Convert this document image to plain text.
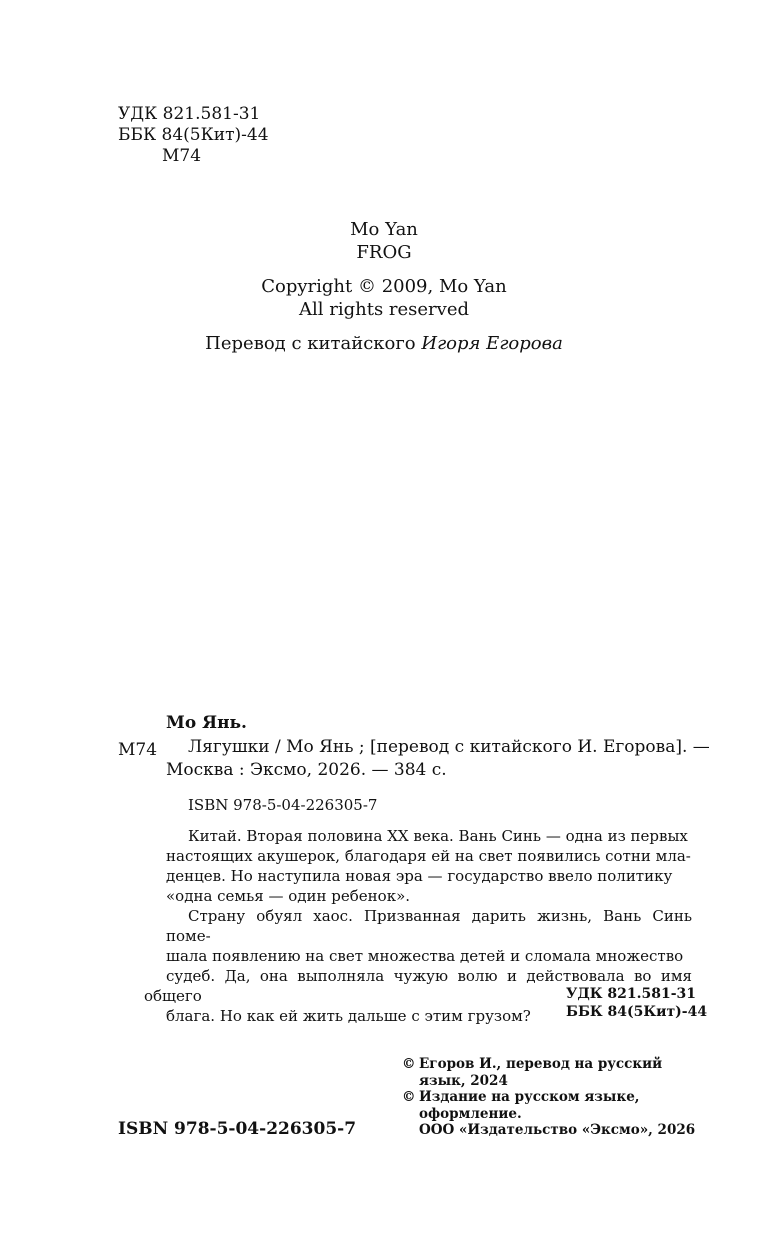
УДК 821.581-31
ББК 84(5Кит)-44
М74
Mo Yan
FROG
Copyright © 2009, Mo Yan
All rights reserved
Перевод с китайского Игоря Егорова
Мо Янь.
М74 Лягушки / Мо Янь ; [перевод с китайского И. Егорова]. —
Москва : Эксмо, 2026. — 384 с.
ISBN 978-5-04-226305-7

Китай. Вторая половина XX века. Вань Синь — одна из первых
настоящих акушерок, благодаря ей на свет появились сотни мла-
денцев. Но наступила новая эра — государство ввело политику
«одна семья — один ребенок».

Страну обуял хаос. Призванная дарить жизнь, Вань Синь поме-
шала появлению на свет множества детей и сломала множество
судеб. Да, она выполняла чужую волю и действовала во имя общего
блага. Но как ей жить дальше с этим грузом?

УДК 821.581-31
ББК 84(5Кит)-44
ISBN 978-5-04-226305-7
© Егоров И., перевод на русский
язык, 2024
© Издание на русском языке,
оформление.
ООО «Издательство «Эксмо», 2026
